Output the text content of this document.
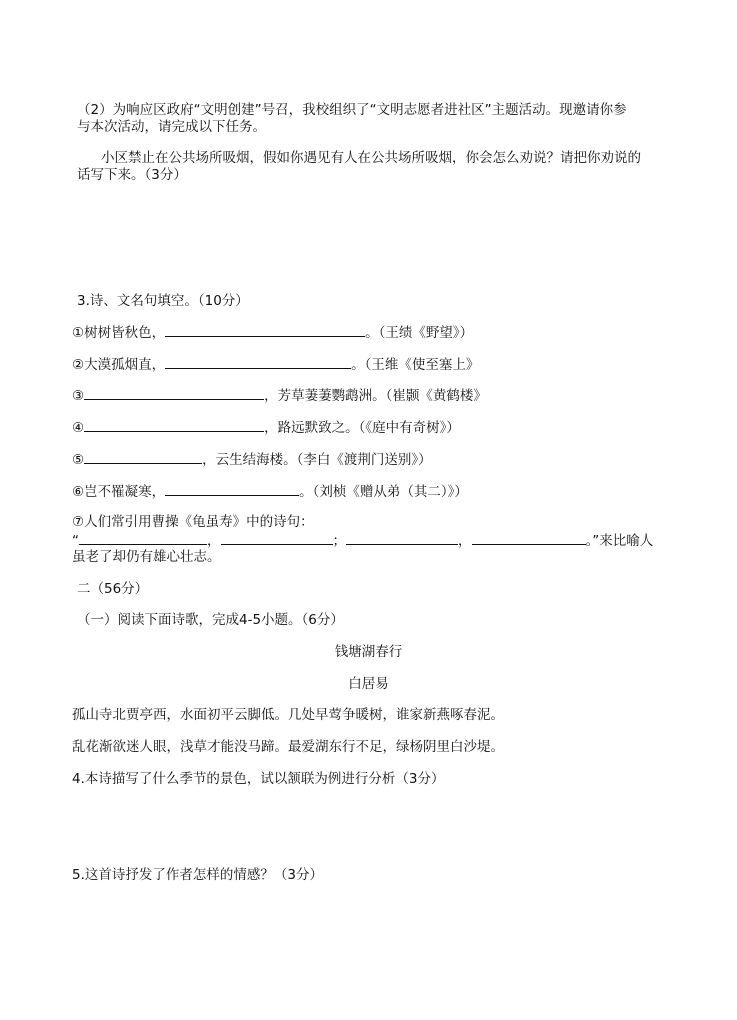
（2）为响应区政府“文明创建”号召，我校组织了“文明志愿者进社区”主题活动。现邀请你参
与本次活动，请完成以下任务。
小区禁止在公共场所吸烟，假如你遇见有人在公共场所吸烟，你会怎么劝说？请把你劝说的
话写下来。（3分）
3.诗、文名句填空。（10分）
①树树皆秋色，	。（王绩《野望》）
②大漠孤烟直，	。（王维《使至塞上》
③	，芳草萋萋鹦鹉洲。（崔颢《黄鹤楼》
④	，路远默致之。（《庭中有奇树》）
⑤	，云生结海楼。（李白《渡荆门送别》）
⑥岂不罹凝寒，	。（刘桢《赠从弟（其二）》）
⑦人们常引用曹操《龟虽寿》中的诗句：
“	，	；	，	。”来比喻人
虽老了却仍有雄心壮志。
二（56分）
（一）阅读下面诗歌，完成4-5小题。（6分）
钱塘湖春行
白居易
孤山寺北贾亭西，水面初平云脚低。几处早莺争暖树，谁家新燕啄春泥。
乱花渐欲迷人眼，浅草才能没马蹄。最爱湖东行不足，绿杨阴里白沙堤。
4.本诗描写了什么季节的景色，试以颔联为例进行分析（3分）
5.这首诗抒发了作者怎样的情感？（3分）
